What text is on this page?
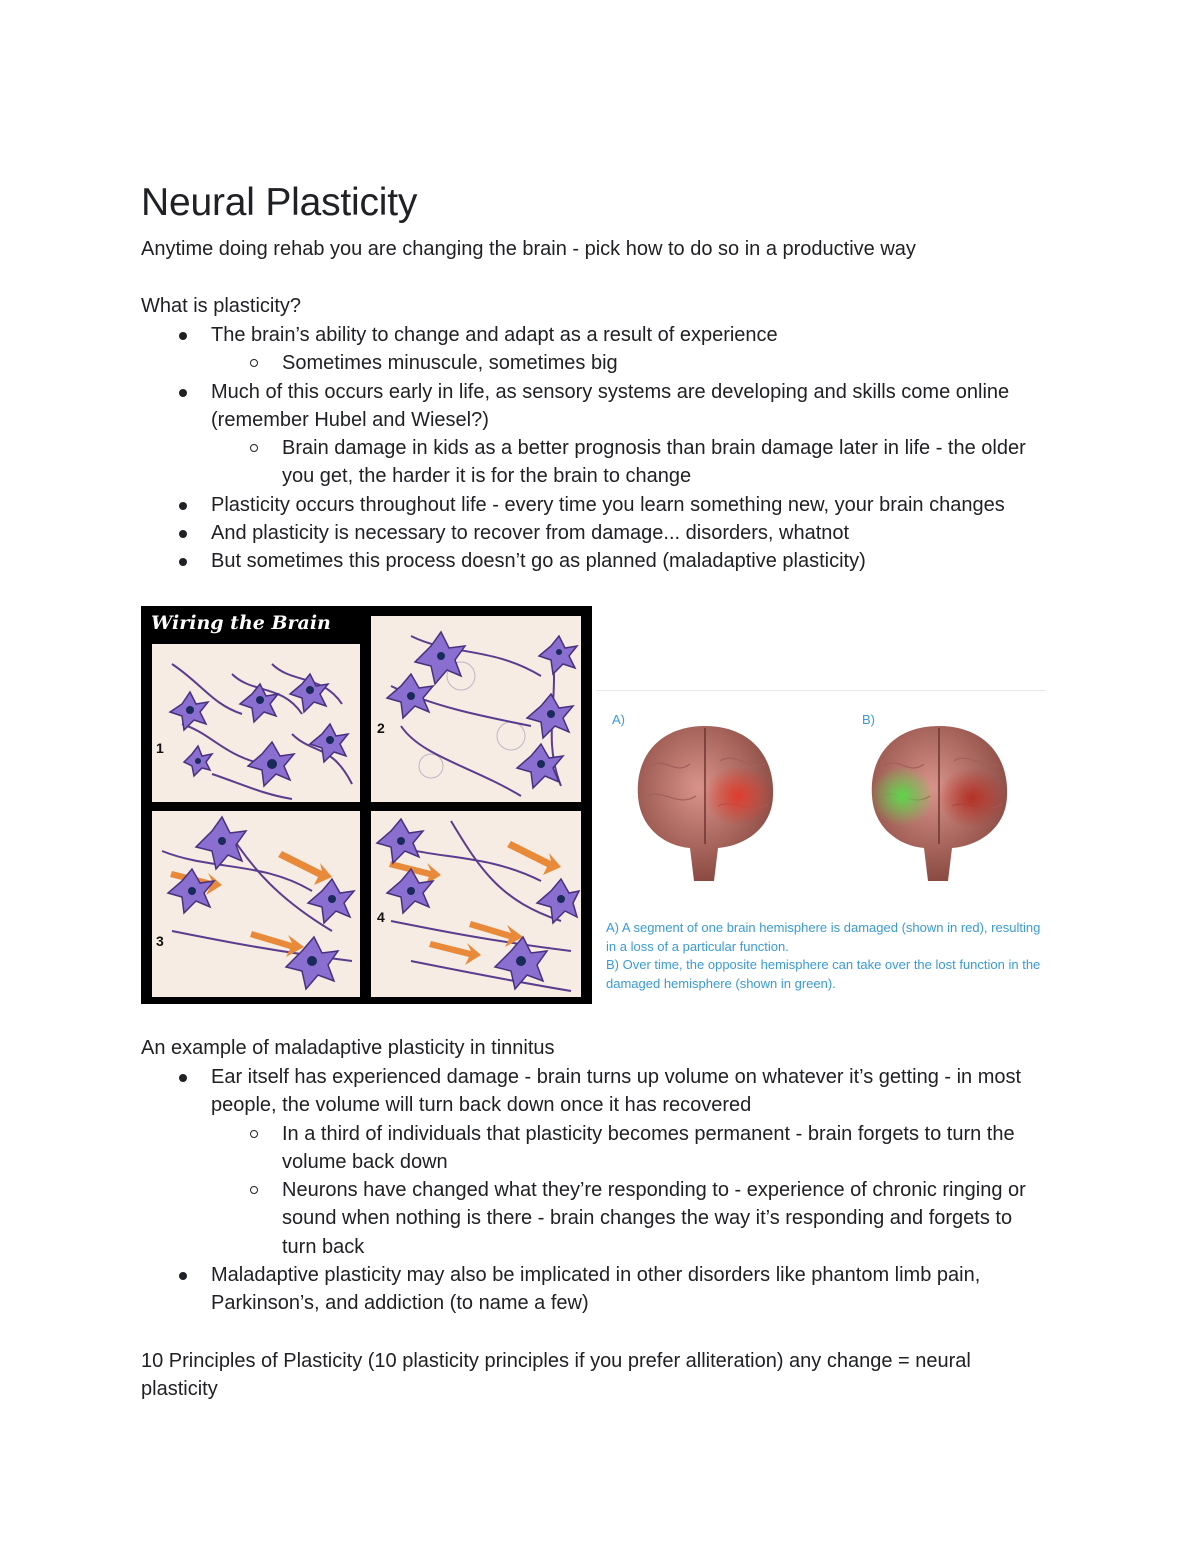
Neural Plasticity

Anytime doing rehab you are changing the brain - pick how to do so in a productive way

What is plasticity?

The brain’s ability to change and adapt as a result of experience
Sometimes minuscule, sometimes big
Much of this occurs early in life, as sensory systems are developing and skills come online (remember Hubel and Wiesel?)
Brain damage in kids as a better prognosis than brain damage later in life - the older you get, the harder it is for the brain to change
Plasticity occurs throughout life - every time you learn something new, your brain changes
And plasticity is necessary to recover from damage... disorders, whatnot
But sometimes this process doesn’t go as planned (maladaptive plasticity)

An example of maladaptive plasticity in tinnitus

Ear itself has experienced damage - brain turns up volume on whatever it’s getting - in most people, the volume will turn back down once it has recovered
In a third of individuals that plasticity becomes permanent - brain forgets to turn the volume back down
Neurons have changed what they’re responding to - experience of chronic ringing or sound when nothing is there - brain changes the way it’s responding and forgets to turn back
Maladaptive plasticity may also be implicated in other disorders like phantom limb pain, Parkinson’s, and addiction (to name a few)

10 Principles of Plasticity (10 plasticity principles if you prefer alliteration) any change = neural plasticity

Wiring the Brain
1
2
3
4
A)	B)
A) A segment of one brain hemisphere is damaged (shown in red), resulting in a loss of a particular function.
B) Over time, the opposite hemisphere can take over the lost function in the damaged hemisphere (shown in green).
